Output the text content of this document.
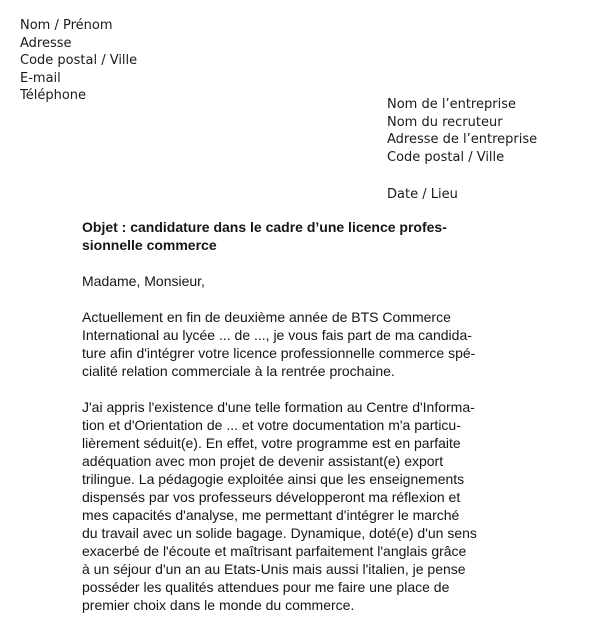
Nom / Prénom
Adresse
Code postal / Ville
E-mail
Téléphone
Nom de l’entreprise
Nom du recruteur
Adresse de l’entreprise
Code postal / Ville

Date / Lieu

Objet : candidature dans le cadre d’une licence profes-
sionnelle commerce

Madame, Monsieur,

Actuellement en fin de deuxième année de BTS Commerce
International au lycée ... de ..., je vous fais part de ma candida-
ture afin d'intégrer votre licence professionnelle commerce spé-
cialité relation commerciale à la rentrée prochaine.

J'ai appris l'existence d'une telle formation au Centre d'Informa-
tion et d'Orientation de ... et votre documentation m'a particu-
lièrement séduit(e). En effet, votre programme est en parfaite
adéquation avec mon projet de devenir assistant(e) export
trilingue. La pédagogie exploitée ainsi que les enseignements
dispensés par vos professeurs développeront ma réflexion et
mes capacités d'analyse, me permettant d'intégrer le marché
du travail avec un solide bagage. Dynamique, doté(e) d'un sens
exacerbé de l'écoute et maîtrisant parfaitement l'anglais grâce
à un séjour d'un an au Etats-Unis mais aussi l'italien, je pense
posséder les qualités attendues pour me faire une place de
premier choix dans le monde du commerce.
